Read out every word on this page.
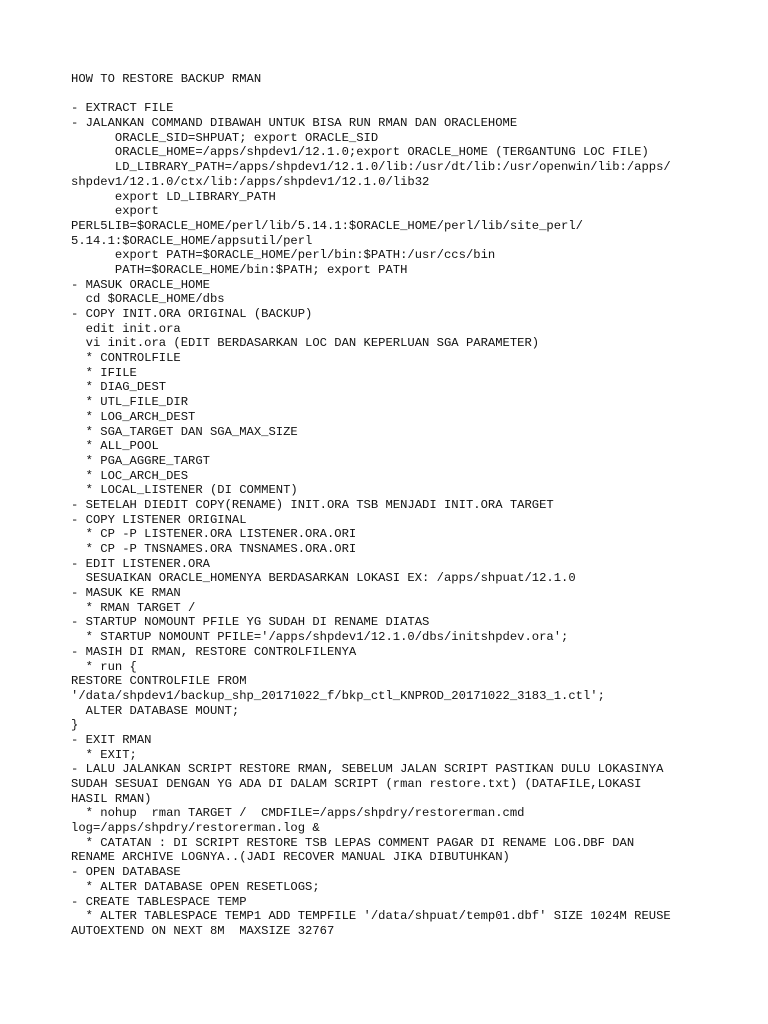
HOW TO RESTORE BACKUP RMAN
- EXTRACT FILE
- JALANKAN COMMAND DIBAWAH UNTUK BISA RUN RMAN DAN ORACLEHOME
ORACLE_SID=SHPUAT; export ORACLE_SID
ORACLE_HOME=/apps/shpdev1/12.1.0;export ORACLE_HOME (TERGANTUNG LOC FILE)
LD_LIBRARY_PATH=/apps/shpdev1/12.1.0/lib:/usr/dt/lib:/usr/openwin/lib:/apps/
shpdev1/12.1.0/ctx/lib:/apps/shpdev1/12.1.0/lib32
export LD_LIBRARY_PATH
export
PERL5LIB=$ORACLE_HOME/perl/lib/5.14.1:$ORACLE_HOME/perl/lib/site_perl/
5.14.1:$ORACLE_HOME/appsutil/perl
export PATH=$ORACLE_HOME/perl/bin:$PATH:/usr/ccs/bin
PATH=$ORACLE_HOME/bin:$PATH; export PATH
- MASUK ORACLE_HOME
cd $ORACLE_HOME/dbs
- COPY INIT.ORA ORIGINAL (BACKUP)
edit init.ora
vi init.ora (EDIT BERDASARKAN LOC DAN KEPERLUAN SGA PARAMETER)
* CONTROLFILE
* IFILE
* DIAG_DEST
* UTL_FILE_DIR
* LOG_ARCH_DEST
* SGA_TARGET DAN SGA_MAX_SIZE
* ALL_POOL
* PGA_AGGRE_TARGT
* LOC_ARCH_DES
* LOCAL_LISTENER (DI COMMENT)
- SETELAH DIEDIT COPY(RENAME) INIT.ORA TSB MENJADI INIT.ORA TARGET
- COPY LISTENER ORIGINAL
* CP -P LISTENER.ORA LISTENER.ORA.ORI
* CP -P TNSNAMES.ORA TNSNAMES.ORA.ORI
- EDIT LISTENER.ORA
SESUAIKAN ORACLE_HOMENYA BERDASARKAN LOKASI EX: /apps/shpuat/12.1.0
- MASUK KE RMAN
* RMAN TARGET /
- STARTUP NOMOUNT PFILE YG SUDAH DI RENAME DIATAS
* STARTUP NOMOUNT PFILE='/apps/shpdev1/12.1.0/dbs/initshpdev.ora';
- MASIH DI RMAN, RESTORE CONTROLFILENYA
* run {
RESTORE CONTROLFILE FROM
'/data/shpdev1/backup_shp_20171022_f/bkp_ctl_KNPROD_20171022_3183_1.ctl';
ALTER DATABASE MOUNT;
}
- EXIT RMAN
* EXIT;
- LALU JALANKAN SCRIPT RESTORE RMAN, SEBELUM JALAN SCRIPT PASTIKAN DULU LOKASINYA
SUDAH SESUAI DENGAN YG ADA DI DALAM SCRIPT (rman restore.txt) (DATAFILE,LOKASI
HASIL RMAN)
* nohup  rman TARGET /  CMDFILE=/apps/shpdry/restorerman.cmd
log=/apps/shpdry/restorerman.log &
* CATATAN : DI SCRIPT RESTORE TSB LEPAS COMMENT PAGAR DI RENAME LOG.DBF DAN
RENAME ARCHIVE LOGNYA..(JADI RECOVER MANUAL JIKA DIBUTUHKAN)
- OPEN DATABASE
* ALTER DATABASE OPEN RESETLOGS;
- CREATE TABLESPACE TEMP
* ALTER TABLESPACE TEMP1 ADD TEMPFILE '/data/shpuat/temp01.dbf' SIZE 1024M REUSE
AUTOEXTEND ON NEXT 8M  MAXSIZE 32767
